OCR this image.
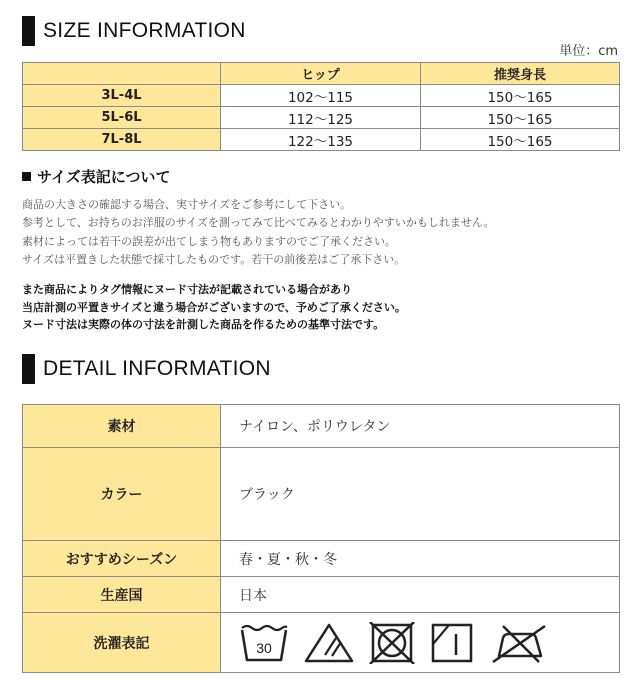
SIZE INFORMATION
単位：cm
	ヒップ	推奨身長
3L-4L	102〜115	150〜165
5L-6L	112〜125	150〜165
7L-8L	122〜135	150〜165
サイズ表記について
商品の大きさの確認する場合、実寸サイズをご参考にして下さい。
参考として、お持ちのお洋服のサイズを測ってみて比べてみるとわかりやすいかもしれません。
素材によっては若干の誤差が出てしまう物もありますのでご了承ください。
サイズは平置きした状態で採寸したものです。若干の前後差はご了承下さい。
また商品によりタグ情報にヌード寸法が記載されている場合があり
当店計測の平置きサイズと違う場合がございますので、予めご了承ください。
ヌード寸法は実際の体の寸法を計測した商品を作るための基準寸法です。
DETAIL INFORMATION
素材	ナイロン、ポリウレタン
カラー	ブラック
おすすめシーズン	春・夏・秋・冬
生産国	日本
洗濯表記	30
